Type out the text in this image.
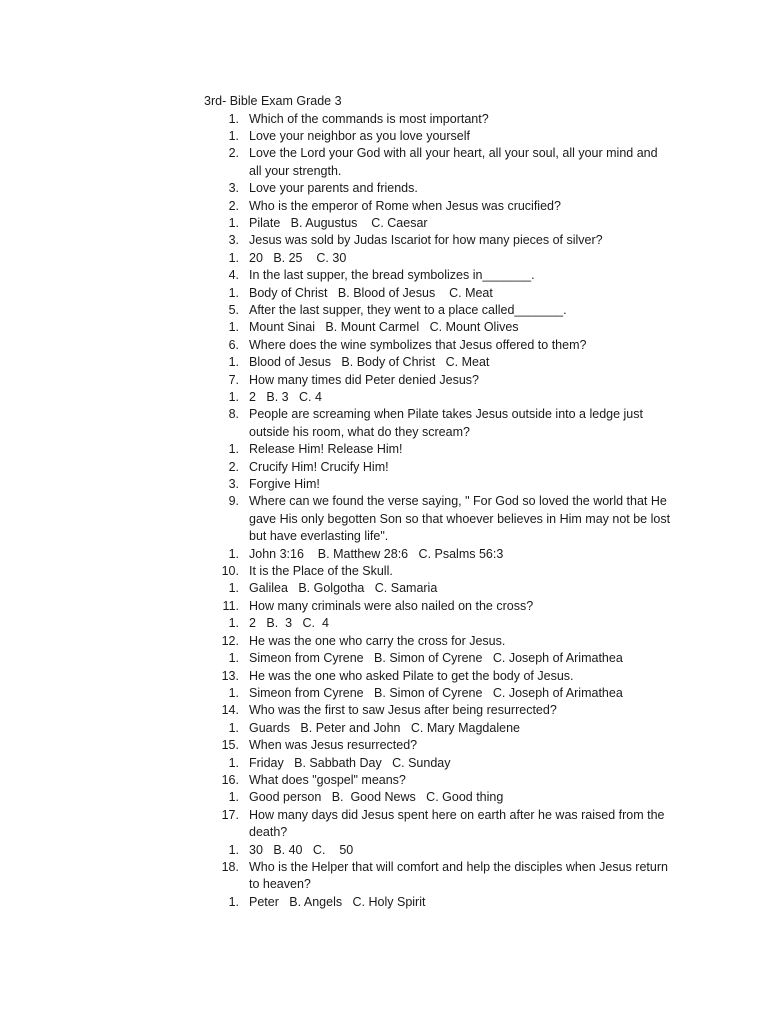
3rd- Bible Exam Grade 3
1. Which of the commands is most important?
1. Love your neighbor as you love yourself
2. Love the Lord your God with all your heart, all your soul, all your mind and
all your strength.
3. Love your parents and friends.
2. Who is the emperor of Rome when Jesus was crucified?
1. Pilate   B. Augustus    C. Caesar
3. Jesus was sold by Judas Iscariot for how many pieces of silver?
1. 20   B. 25    C. 30
4. In the last supper, the bread symbolizes in_______.
1. Body of Christ   B. Blood of Jesus    C. Meat
5. After the last supper, they went to a place called_______.
1. Mount Sinai   B. Mount Carmel   C. Mount Olives
6. Where does the wine symbolizes that Jesus offered to them?
1. Blood of Jesus   B. Body of Christ   C. Meat
7. How many times did Peter denied Jesus?
1. 2   B. 3   C. 4
8. People are screaming when Pilate takes Jesus outside into a ledge just
outside his room, what do they scream?
1. Release Him! Release Him!
2. Crucify Him! Crucify Him!
3. Forgive Him!
9. Where can we found the verse saying, " For God so loved the world that He
gave His only begotten Son so that whoever believes in Him may not be lost
but have everlasting life".
1. John 3:16    B. Matthew 28:6   C. Psalms 56:3
10. It is the Place of the Skull.
1. Galilea   B. Golgotha   C. Samaria
11. How many criminals were also nailed on the cross?
1. 2   B.  3   C.  4
12. He was the one who carry the cross for Jesus.
1. Simeon from Cyrene   B. Simon of Cyrene   C. Joseph of Arimathea
13. He was the one who asked Pilate to get the body of Jesus.
1. Simeon from Cyrene   B. Simon of Cyrene   C. Joseph of Arimathea
14. Who was the first to saw Jesus after being resurrected?
1. Guards   B. Peter and John   C. Mary Magdalene
15. When was Jesus resurrected?
1. Friday   B. Sabbath Day   C. Sunday
16. What does "gospel" means?
1. Good person   B.  Good News   C. Good thing
17. How many days did Jesus spent here on earth after he was raised from the
death?
1. 30   B. 40   C.    50
18. Who is the Helper that will comfort and help the disciples when Jesus return
to heaven?
1. Peter   B. Angels   C. Holy Spirit
